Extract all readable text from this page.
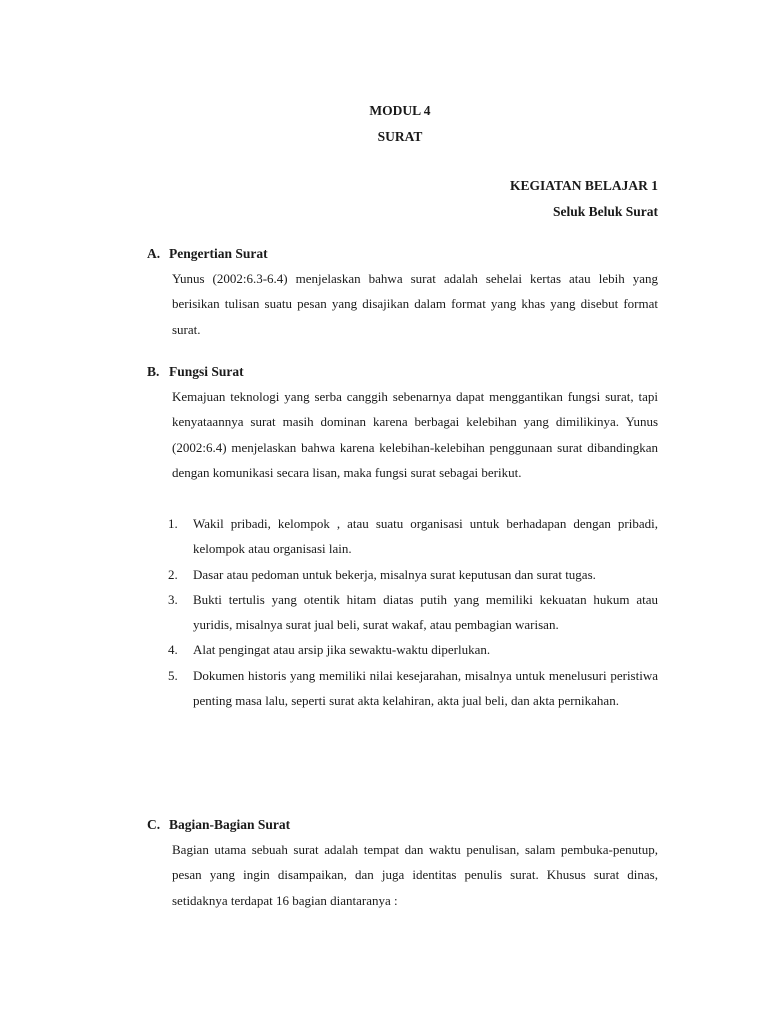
MODUL 4
SURAT
KEGIATAN BELAJAR 1
Seluk Beluk Surat
A. Pengertian Surat
Yunus (2002:6.3-6.4) menjelaskan bahwa surat adalah sehelai kertas atau lebih yang berisikan tulisan suatu pesan yang disajikan dalam format yang khas yang disebut format surat.
B. Fungsi Surat
Kemajuan teknologi yang serba canggih sebenarnya dapat menggantikan fungsi surat, tapi kenyataannya surat masih dominan karena berbagai kelebihan yang dimilikinya. Yunus (2002:6.4) menjelaskan bahwa karena kelebihan-kelebihan penggunaan surat dibandingkan dengan komunikasi secara lisan, maka fungsi surat sebagai berikut.
1. Wakil pribadi, kelompok , atau suatu organisasi untuk berhadapan dengan pribadi, kelompok atau organisasi lain.
2. Dasar atau pedoman untuk bekerja, misalnya surat keputusan dan surat tugas.
3. Bukti tertulis yang otentik hitam diatas putih yang memiliki kekuatan hukum atau yuridis, misalnya surat jual beli, surat wakaf, atau pembagian warisan.
4. Alat pengingat atau arsip jika sewaktu-waktu diperlukan.
5. Dokumen historis yang memiliki nilai kesejarahan, misalnya untuk menelusuri peristiwa penting masa lalu, seperti surat akta kelahiran, akta jual beli, dan akta pernikahan.
C. Bagian-Bagian Surat
Bagian utama sebuah surat adalah tempat dan waktu penulisan, salam pembuka-penutup, pesan yang ingin disampaikan, dan juga identitas penulis surat. Khusus surat dinas, setidaknya terdapat 16 bagian diantaranya :
